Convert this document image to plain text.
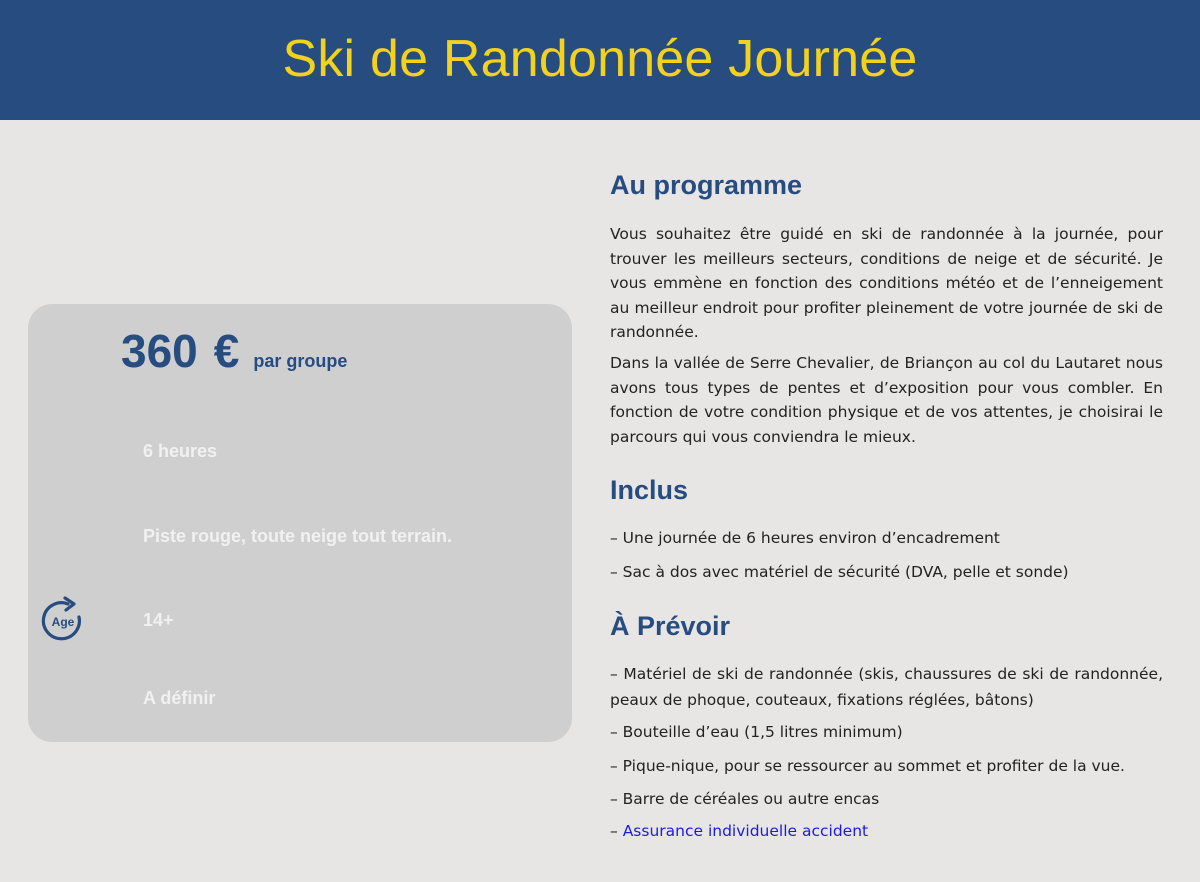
Ski de Randonnée Journée
360 € par groupe
6 heures
Piste rouge, toute neige tout terrain.
Age	14+
A définir
Au programme

Vous souhaitez être guidé en ski de randonnée à la journée, pour trouver les meilleurs secteurs, conditions de neige et de sécurité. Je vous emmène en fonction des conditions météo et de l’enneigement au meilleur endroit pour profiter pleinement de votre journée de ski de randonnée.

Dans la vallée de Serre Chevalier, de Briançon au col du Lautaret nous avons tous types de pentes et d’exposition pour vous combler. En fonction de votre condition physique et de vos attentes, je choisirai le parcours qui vous conviendra le mieux.

Inclus
– Une journée de 6 heures environ d’encadrement
– Sac à dos avec matériel de sécurité (DVA, pelle et sonde)
À Prévoir
– Matériel de ski de randonnée (skis, chaussures de ski de randonnée, peaux de phoque, couteaux, fixations réglées, bâtons)
– Bouteille d’eau (1,5 litres minimum)
– Pique-nique, pour se ressourcer au sommet et profiter de la vue.
– Barre de céréales ou autre encas
– Assurance individuelle accident
